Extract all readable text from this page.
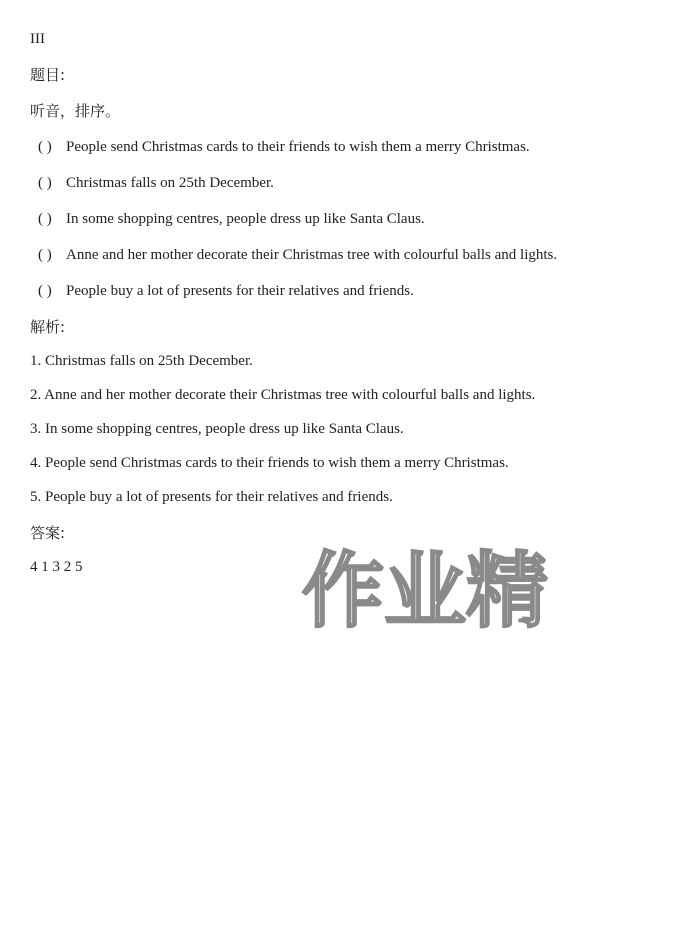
III
题目:
听音，排序。
( ) People send Christmas cards to their friends to wish them a merry Christmas.
( ) Christmas falls on 25th December.
( ) In some shopping centres, people dress up like Santa Claus.
( ) Anne and her mother decorate their Christmas tree with colourful balls and lights.
( ) People buy a lot of presents for their relatives and friends.
解析:
1. Christmas falls on 25th December.
2. Anne and her mother decorate their Christmas tree with colourful balls and lights.
3. In some shopping centres, people dress up like Santa Claus.
4. People send Christmas cards to their friends to wish them a merry Christmas.
5. People buy a lot of presents for their relatives and friends.
答案:
4 1 3 2 5	作业精
